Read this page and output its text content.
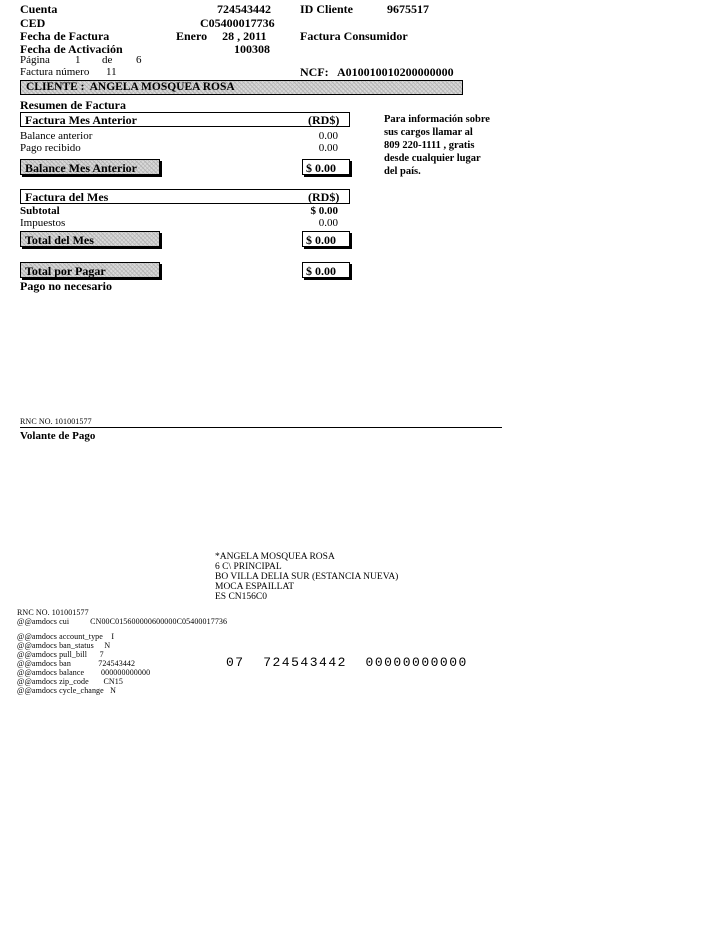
Cuenta	724543442 ID Cliente	9675517
CED	C05400017736
Fecha de Factura	Enero     28 , 2011	Factura Consumidor
Fecha de Activación	100308
Página 1 de 6
Factura número 11	NCF:   A010010010200000000
CLIENTE :  ANGELA MOSQUEA ROSA
Resumen de Factura
Factura Mes Anterior	(RD$)
Balance anterior	0.00
Pago recibido	0.00
Balance Mes Anterior	$ 0.00
Para información sobre
sus cargos llamar al
809 220-1111 , gratis
desde cualquier lugar
del país.
Factura del Mes	(RD$)
Subtotal	$ 0.00
Impuestos	0.00
Total del Mes	$ 0.00
Total por Pagar	$ 0.00
Pago no necesario
RNC NO. 101001577
Volante de Pago
*ANGELA MOSQUEA ROSA
6 C\ PRINCIPAL
BO VILLA DELIA SUR (ESTANCIA NUEVA)
MOCA ESPAILLAT
ES CN156C0
RNC NO. 101001577
@@amdocs cui          CN00C015600000600000C05400017736
@@amdocs account_type    I
@@amdocs ban_status     N
@@amdocs pull_bill      7
@@amdocs ban             724543442
@@amdocs balance        000000000000
@@amdocs zip_code       CN15
@@amdocs cycle_change   N
07  724543442  00000000000
